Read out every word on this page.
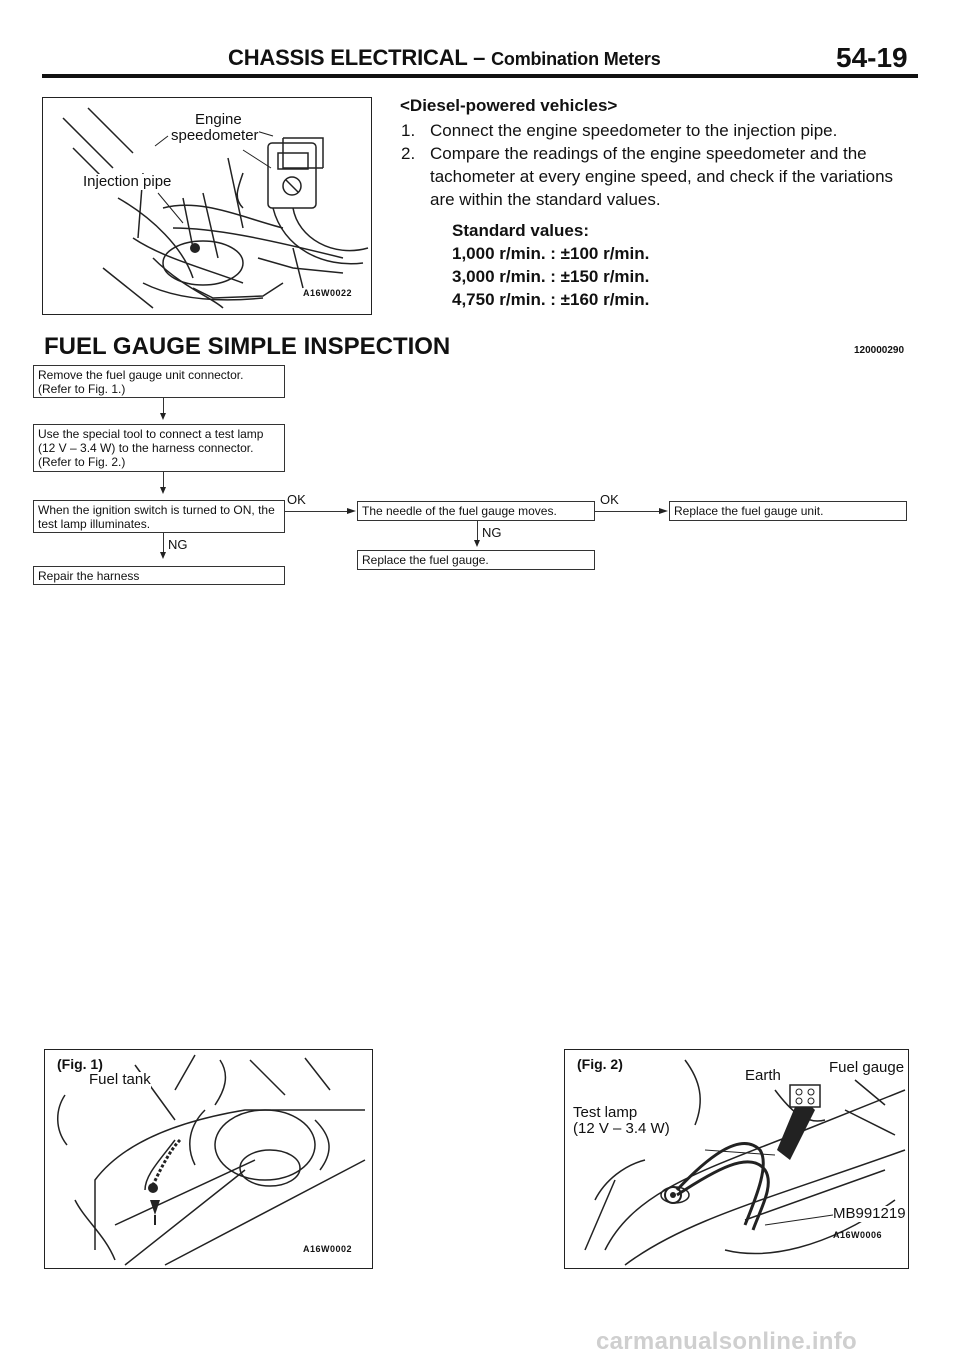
CHASSIS ELECTRICAL – Combination Meters	54-19
Engine
speedometer
Injection pipe
A16W0022
<Diesel-powered vehicles>
1. Connect the engine speedometer to the injection pipe.
2. Compare the readings of the engine speedometer and the tachometer at every engine speed, and check if the variations are within the standard values.
Standard values:
1,000 r/min. : ±100 r/min.
3,000 r/min. : ±150 r/min.
4,750 r/min. : ±160 r/min.
FUEL GAUGE SIMPLE INSPECTION	120000290
Remove the fuel gauge unit connector. (Refer to Fig. 1.)
Use the special tool to connect a test lamp (12 V – 3.4 W) to the harness connector. (Refer to Fig. 2.)
When the ignition switch is turned to ON, the test lamp illuminates.
OK
The needle of the fuel gauge moves.
OK
Replace the fuel gauge unit.
NG
Repair the harness
NG
Replace the fuel gauge.
(Fig. 1)
Fuel tank
A16W0002
(Fig. 2)
Earth	Fuel gauge
Test lamp
(12 V – 3.4 W)
MB991219
A16W0006
carmanualsonline.info
